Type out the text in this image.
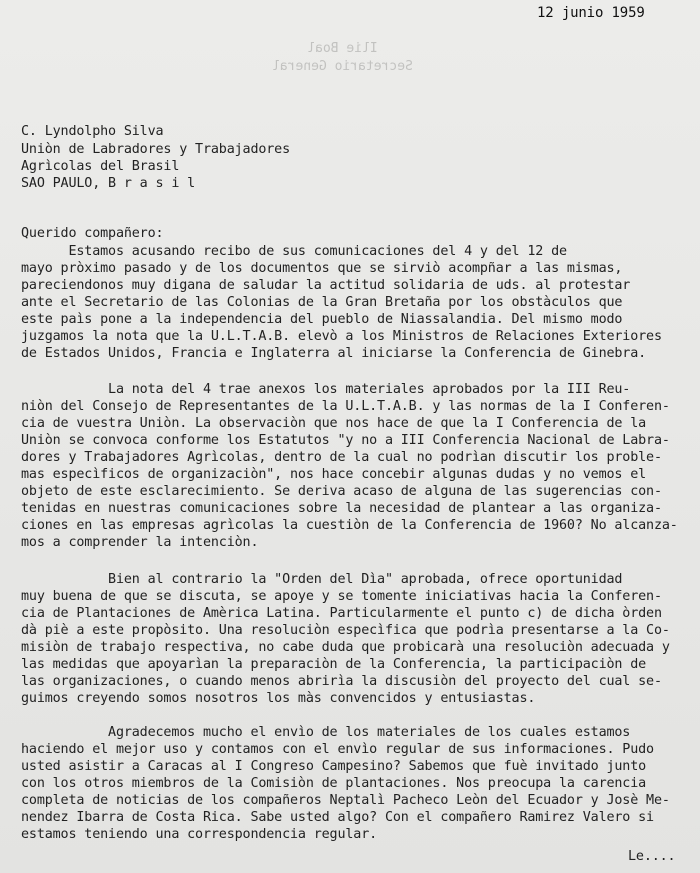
12 junio 1959
Ilie Boal
Secretario General
C. Lyndolpho Silva
Uniòn de Labradores y Trabajadores
Agrìcolas del Brasil
SAO PAULO, B r a s i l
Querido compañero:
Estamos acusando recibo de sus comunicaciones del 4 y del 12 de
mayo pròximo pasado y de los documentos que se sirviò acompñar a las mismas,
pareciendonos muy digana de saludar la actitud solidaria de uds. al protestar
ante el Secretario de las Colonias de la Gran Bretaña por los obstàculos que
este paìs pone a la independencia del pueblo de Niassalandia. Del mismo modo
juzgamos la nota que la U.L.T.A.B. elevò a los Ministros de Relaciones Exteriores
de Estados Unidos, Francia e Inglaterra al iniciarse la Conferencia de Ginebra.
La nota del 4 trae anexos los materiales aprobados por la III Reu-
niòn del Consejo de Representantes de la U.L.T.A.B. y las normas de la I Conferen-
cia de vuestra Uniòn. La observaciòn que nos hace de que la I Conferencia de la
Uniòn se convoca conforme los Estatutos "y no a III Conferencia Nacional de Labra-
dores y Trabajadores Agrìcolas, dentro de la cual no podrìan discutir los proble-
mas especìficos de organizaciòn", nos hace concebir algunas dudas y no vemos el
objeto de este esclarecimiento. Se deriva acaso de alguna de las sugerencias con-
tenidas en nuestras comunicaciones sobre la necesidad de plantear a las organiza-
ciones en las empresas agrìcolas la cuestiòn de la Conferencia de 1960? No alcanza-
mos a comprender la intenciòn.
Bien al contrario la "Orden del Dìa" aprobada, ofrece oportunidad
muy buena de que se discuta, se apoye y se tomente iniciativas hacia la Conferen-
cia de Plantaciones de Amèrica Latina. Particularmente el punto c) de dicha òrden
dà piè a este propòsito. Una resoluciòn especìfica que podrìa presentarse a la Co-
misiòn de trabajo respectiva, no cabe duda que probicarà una resoluciòn adecuada y
las medidas que apoyarìan la preparaciòn de la Conferencia, la participaciòn de
las organizaciones, o cuando menos abrirìa la discusiòn del proyecto del cual se-
guimos creyendo somos nosotros los màs convencidos y entusiastas.
Agradecemos mucho el envìo de los materiales de los cuales estamos
haciendo el mejor uso y contamos con el envìo regular de sus informaciones. Pudo
usted asistir a Caracas al I Congreso Campesino? Sabemos que fuè invitado junto
con los otros miembros de la Comisiòn de plantaciones. Nos preocupa la carencia
completa de noticias de los compañeros Neptalì Pacheco Leòn del Ecuador y Josè Me-
nendez Ibarra de Costa Rica. Sabe usted algo? Con el compañero Ramirez Valero si
estamos teniendo una correspondencia regular.
Le....
